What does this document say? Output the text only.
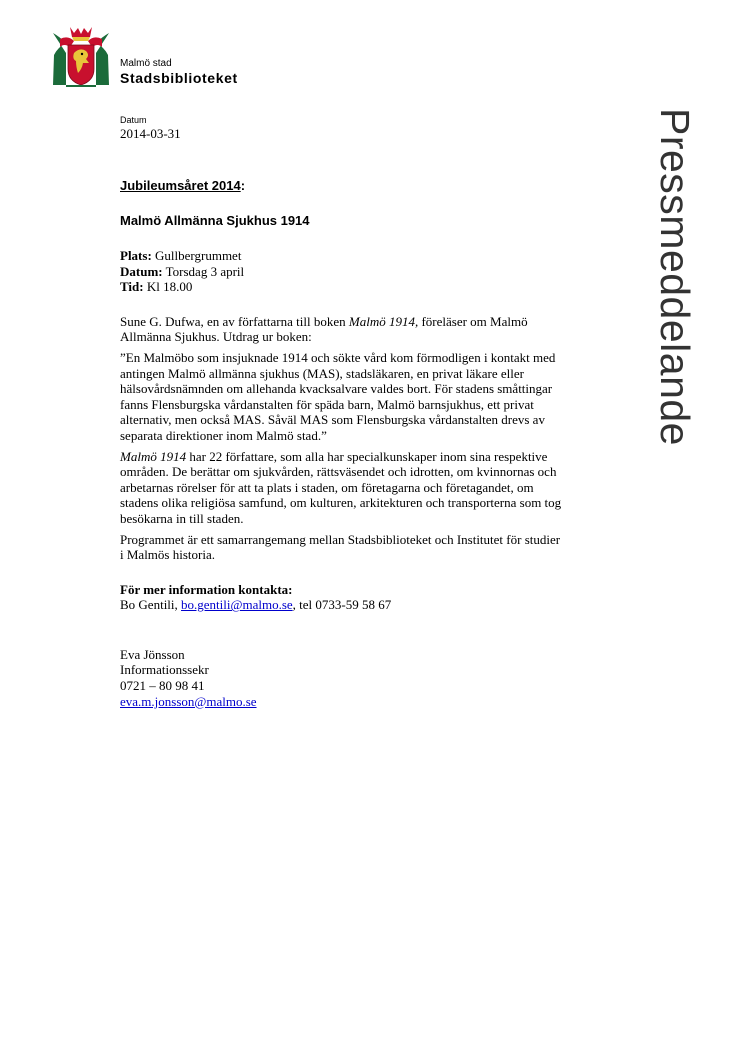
Malmö stad
Stadsbiblioteket
Datum
2014-03-31	Pressmeddelande
Jubileumsåret 2014:
Malmö Allmänna Sjukhus 1914
Plats: Gullbergrummet
Datum: Torsdag 3 april
Tid: Kl 18.00

Sune G. Dufwa, en av författarna till boken Malmö 1914, föreläser om Malmö Allmänna Sjukhus. Utdrag ur boken:

”En Malmöbo som insjuknade 1914 och sökte vård kom förmodligen i kontakt med antingen Malmö allmänna sjukhus (MAS), stadsläkaren, en privat läkare eller hälsovårdsnämnden om allehanda kvacksalvare valdes bort. För stadens småttingar fanns Flensburgska vårdanstalten för späda barn, Malmö barnsjukhus, ett privat alternativ, men också MAS. Såväl MAS som Flensburgska vårdanstalten drevs av separata direktioner inom Malmö stad.”

Malmö 1914 har 22 författare, som alla har specialkunskaper inom sina respektive områden. De berättar om sjukvården, rättsväsendet och idrotten, om kvinnornas och arbetarnas rörelser för att ta plats i staden, om företagarna och företagandet, om stadens olika religiösa samfund, om kulturen, arkitekturen och transporterna som tog besökarna in till staden.

Programmet är ett samarrangemang mellan Stadsbiblioteket och Institutet för studier i Malmös historia.

För mer information kontakta:
Bo Gentili, bo.gentili@malmo.se, tel 0733-59 58 67
Eva Jönsson
Informationssekr
0721 – 80 98 41
eva.m.jonsson@malmo.se
